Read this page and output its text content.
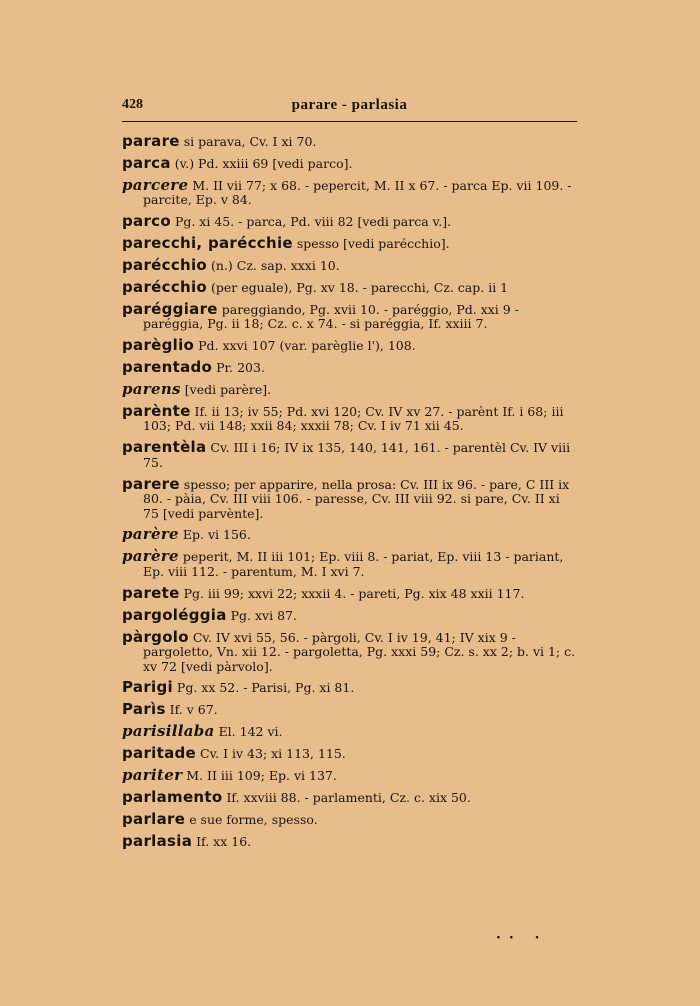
428	parare - parlasia
parare si parava, Cv. I xi 70.
parca (v.) Pd. xxiii 69 [vedi parco].
parcere M. II vii 77; x 68. - pepercit, M. II x 67. - parca Ep. vii 109. - parcite, Ep. v 84.
parco Pg. xi 45. - parca, Pd. viii 82 [vedi parca v.].
parecchi, parécchie spesso [vedi parécchio].
parécchio (n.) Cz. sap. xxxi 10.
parécchio (per eguale), Pg. xv 18. - parecchi, Cz. cap. ii 1
paréggiare pareggiando, Pg. xvii 10. - paréggio, Pd. xxi 9 - paréggia, Pg. ii 18; Cz. c. x 74. - si paréggia, If. xxiii 7.
parèglio Pd. xxvi 107 (var. parèglie l'), 108.
parentado Pr. 203.
parens [vedi parère].
parènte If. ii 13; iv 55; Pd. xvi 120; Cv. IV xv 27. - parènt If. i 68; iii 103; Pd. vii 148; xxii 84; xxxii 78; Cv. I iv 71 xii 45.
parentèla Cv. III i 16; IV ix 135, 140, 141, 161. - parentèl Cv. IV viii 75.
parere spesso; per apparire, nella prosa: Cv. III ix 96. - pare, C III ix 80. - pàia, Cv. III viii 106. - paresse, Cv. III viii 92. si pare, Cv. II xi 75 [vedi parvènte].
parère Ep. vi 156.
parère peperit, M. II iii 101; Ep. viii 8. - pariat, Ep. viii 13 - pariant, Ep. viii 112. - parentum, M. I xvi 7.
parete Pg. iii 99; xxvi 22; xxxii 4. - pareti, Pg. xix 48 xxii 117.
pargoléggia Pg. xvi 87.
pàrgolo Cv. IV xvi 55, 56. - pàrgoli, Cv. I iv 19, 41; IV xix 9 - pargoletto, Vn. xii 12. - pargoletta, Pg. xxxi 59; Cz. s. xx 2; b. vi 1; c. xv 72 [vedi pàrvolo].
Parigi Pg. xx 52. - Parisi, Pg. xi 81.
Parìs If. v 67.
parisillaba El. 142 vi.
paritade Cv. I iv 43; xi 113, 115.
pariter M. II iii 109; Ep. vi 137.
parlamento If. xxviii 88. - parlamenti, Cz. c. xix 50.
parlare e sue forme, spesso.
parlasia If. xx 16.
·· ·
